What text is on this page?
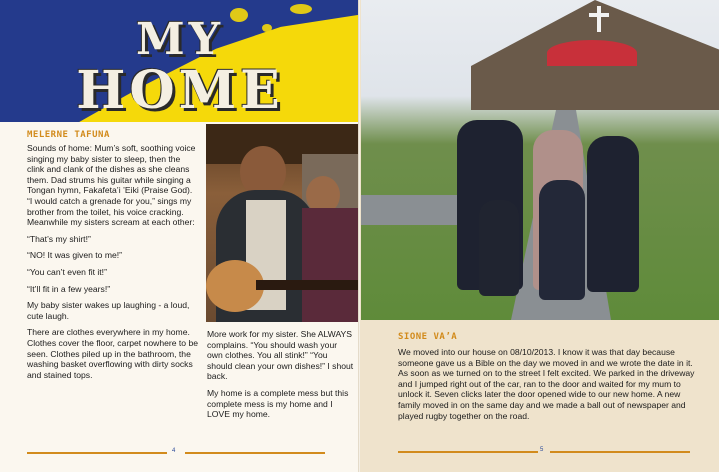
MY
HOME
MELERNE TAFUNA

Sounds of home: Mum’s soft, soothing voice singing my baby sister to sleep, then the clink and clank of the dishes as she cleans them. Dad strums his guitar while singing a Tongan hymn, Fakafeta’i ’Eiki (Praise God). “I would catch a grenade for you,” sings my brother from the toilet, his voice cracking. Meanwhile my sisters scream at each other:

“That’s my shirt!”

“NO! It was given to me!”

“You can’t even fit it!”

“It’ll fit in a few years!”

My baby sister wakes up laughing - a loud, cute laugh.

There are clothes everywhere in my home. Clothes cover the floor, carpet nowhere to be seen. Clothes piled up in the bathroom, the washing basket overflowing with dirty socks and stained tops.

More work for my sister. She ALWAYS complains. “You should wash your own clothes. You all stink!” “You should clean your own dishes!” I shout back.

My home is a complete mess but this complete mess is my home and I LOVE my home.

4	5
SIONE VA’A

We moved into our house on 08/10/2013. I know it was that day because someone gave us a Bible on the day we moved in and we wrote the date in it. As soon as we turned on to the street I felt excited. We parked in the driveway and I jumped right out of the car, ran to the door and waited for my mum to unlock it. Seven clicks later the door opened wide to our new home. A new family moved in on the same day and we made a ball out of newspaper and played rugby together on the road.
